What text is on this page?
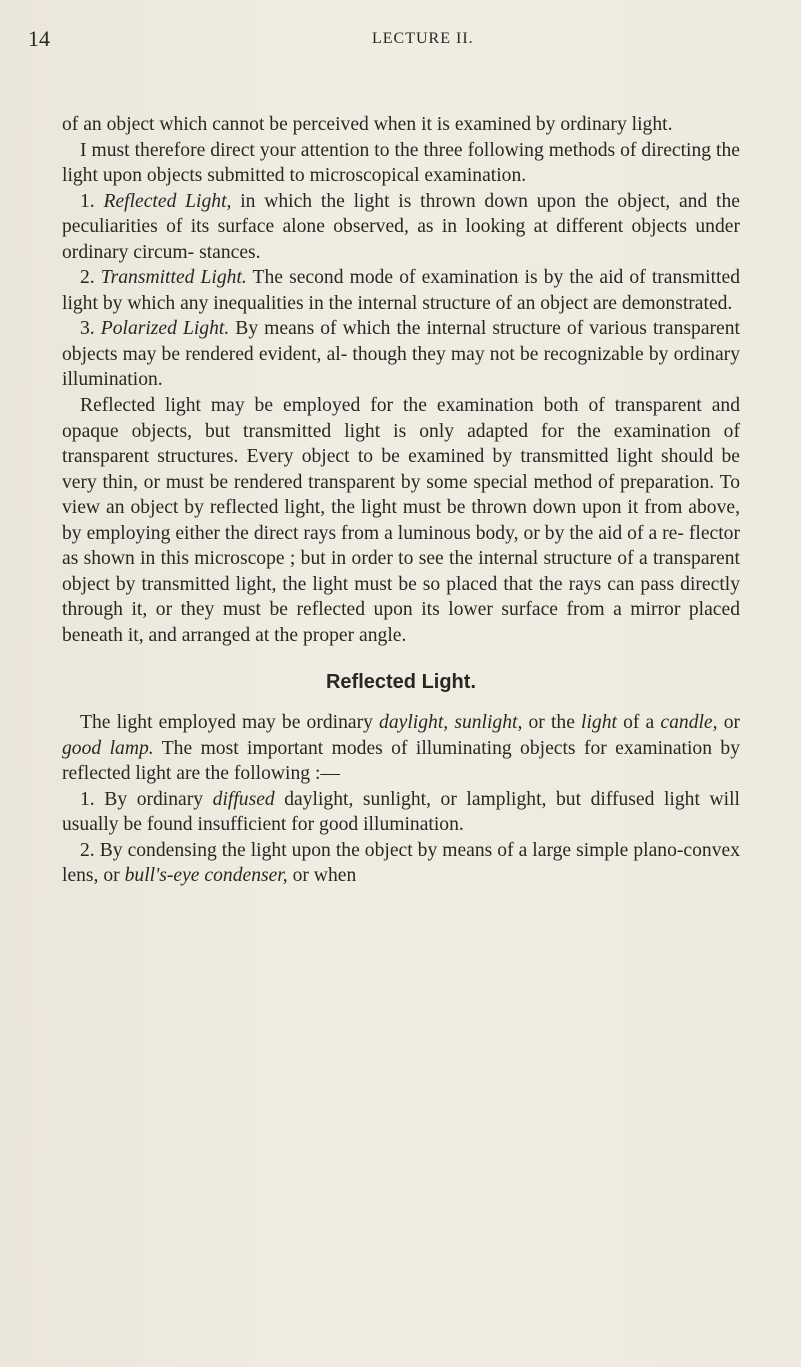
14	LECTURE II.

of an object which cannot be perceived when it is examined by ordinary light.

I must therefore direct your attention to the three following methods of directing the light upon objects submitted to microscopical examination.

1. Reflected Light, in which the light is thrown down upon the object, and the peculiarities of its surface alone observed, as in looking at different objects under ordinary circum- stances.

2. Transmitted Light. The second mode of examination is by the aid of transmitted light by which any inequalities in the internal structure of an object are demonstrated.

3. Polarized Light. By means of which the internal structure of various transparent objects may be rendered evident, al- though they may not be recognizable by ordinary illumination.

Reflected light may be employed for the examination both of transparent and opaque objects, but transmitted light is only adapted for the examination of transparent structures. Every object to be examined by transmitted light should be very thin, or must be rendered transparent by some special method of preparation. To view an object by reflected light, the light must be thrown down upon it from above, by employing either the direct rays from a luminous body, or by the aid of a re- flector as shown in this microscope ; but in order to see the internal structure of a transparent object by transmitted light, the light must be so placed that the rays can pass directly through it, or they must be reflected upon its lower surface from a mirror placed beneath it, and arranged at the proper angle.

Reflected Light.

The light employed may be ordinary daylight, sunlight, or the light of a candle, or good lamp. The most important modes of illuminating objects for examination by reflected light are the following :—

1. By ordinary diffused daylight, sunlight, or lamplight, but diffused light will usually be found insufficient for good illumination.

2. By condensing the light upon the object by means of a large simple plano-convex lens, or bull's-eye condenser, or when
